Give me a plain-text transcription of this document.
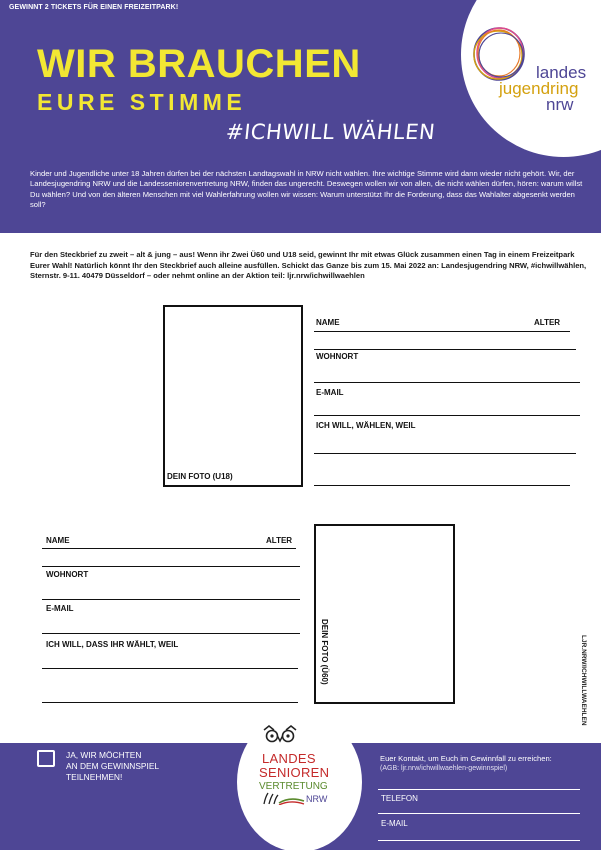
GEWINNT 2 TICKETS FÜR EINEN FREIZEITPARK!
WIR BRAUCHEN
EURE STIMME
#ICHWILL WÄHLEN
landes
jugendring
nrw
Kinder und Jugendliche unter 18 Jahren dürfen bei der nächsten Landtagswahl in NRW nicht wählen. Ihre wichtige Stimme wird dann wieder nicht gehört. Wir, der Landesjugendring NRW und die Landesseniorenvertretung NRW, finden das ungerecht. Deswegen wollen wir von allen, die nicht wählen dürfen, hören: warum willst Du wählen? Und von den älteren Menschen mit viel Wahlerfahrung wollen wir wissen: Warum unterstützt Ihr die Forderung, dass das Wahlalter abgesenkt werden soll?
Für den Steckbrief zu zweit – alt & jung – aus! Wenn ihr Zwei Ü60 und U18 seid, gewinnt Ihr mit etwas Glück zusammen einen Tag in einem Freizeitpark Eurer Wahl! Natürlich könnt Ihr den Steckbrief auch alleine ausfüllen. Schickt das Ganze bis zum 15. Mai 2022 an: Landesjugendring NRW, #ichwillwählen, Sternstr. 9-11. 40479 Düsseldorf – oder nehmt online an der Aktion teil: ljr.nrw/ichwillwaehlen
DEIN FOTO (U18)
NAME	ALTER
WOHNORT
E-MAIL
ICH WILL, WÄHLEN, WEIL
NAME	ALTER
WOHNORT
E-MAIL
ICH WILL, DASS IHR WÄHLT, WEIL	DEIN FOTO (Ü60)	LJR.NRW/ICHWILLWAEHLEN
JA, WIR MÖCHTEN
AN DEM GEWINNSPIEL
TEILNEHMEN!
LANDES
SENIOREN
VERTRETUNG
NRW
Euer Kontakt, um Euch im Gewinnfall zu erreichen:
(AGB: ljr.nrw/ichwillwaehlen-gewinnspiel)
TELEFON
E-MAIL
